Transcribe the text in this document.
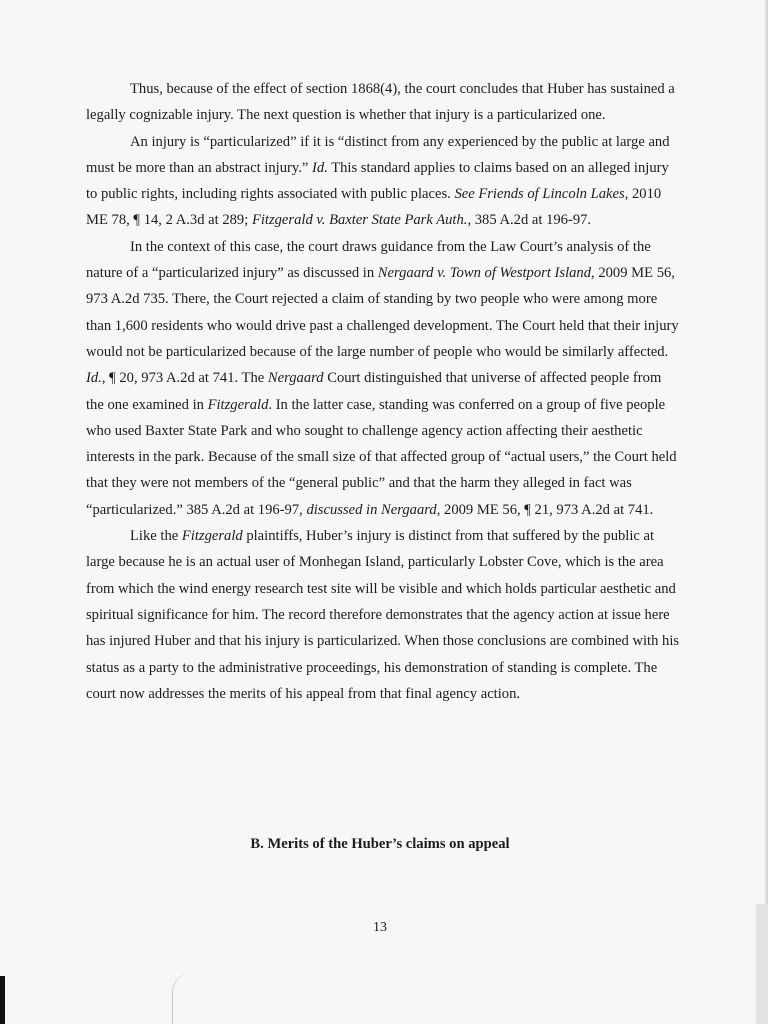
Thus, because of the effect of section 1868(4), the court concludes that Huber has sustained a legally cognizable injury. The next question is whether that injury is a particularized one.

An injury is “particularized” if it is “distinct from any experienced by the public at large and must be more than an abstract injury.” Id. This standard applies to claims based on an alleged injury to public rights, including rights associated with public places. See Friends of Lincoln Lakes, 2010 ME 78, ¶ 14, 2 A.3d at 289; Fitzgerald v. Baxter State Park Auth., 385 A.2d at 196-97.

In the context of this case, the court draws guidance from the Law Court’s analysis of the nature of a “particularized injury” as discussed in Nergaard v. Town of Westport Island, 2009 ME 56, 973 A.2d 735. There, the Court rejected a claim of standing by two people who were among more than 1,600 residents who would drive past a challenged development. The Court held that their injury would not be particularized because of the large number of people who would be similarly affected. Id., ¶ 20, 973 A.2d at 741. The Nergaard Court distinguished that universe of affected people from the one examined in Fitzgerald. In the latter case, standing was conferred on a group of five people who used Baxter State Park and who sought to challenge agency action affecting their aesthetic interests in the park. Because of the small size of that affected group of “actual users,” the Court held that they were not members of the “general public” and that the harm they alleged in fact was “particularized.” 385 A.2d at 196-97, discussed in Nergaard, 2009 ME 56, ¶ 21, 973 A.2d at 741.

Like the Fitzgerald plaintiffs, Huber’s injury is distinct from that suffered by the public at large because he is an actual user of Monhegan Island, particularly Lobster Cove, which is the area from which the wind energy research test site will be visible and which holds particular aesthetic and spiritual significance for him. The record therefore demonstrates that the agency action at issue here has injured Huber and that his injury is particularized. When those conclusions are combined with his status as a party to the administrative proceedings, his demonstration of standing is complete. The court now addresses the merits of his appeal from that final agency action.

B. Merits of the Huber’s claims on appeal
13
